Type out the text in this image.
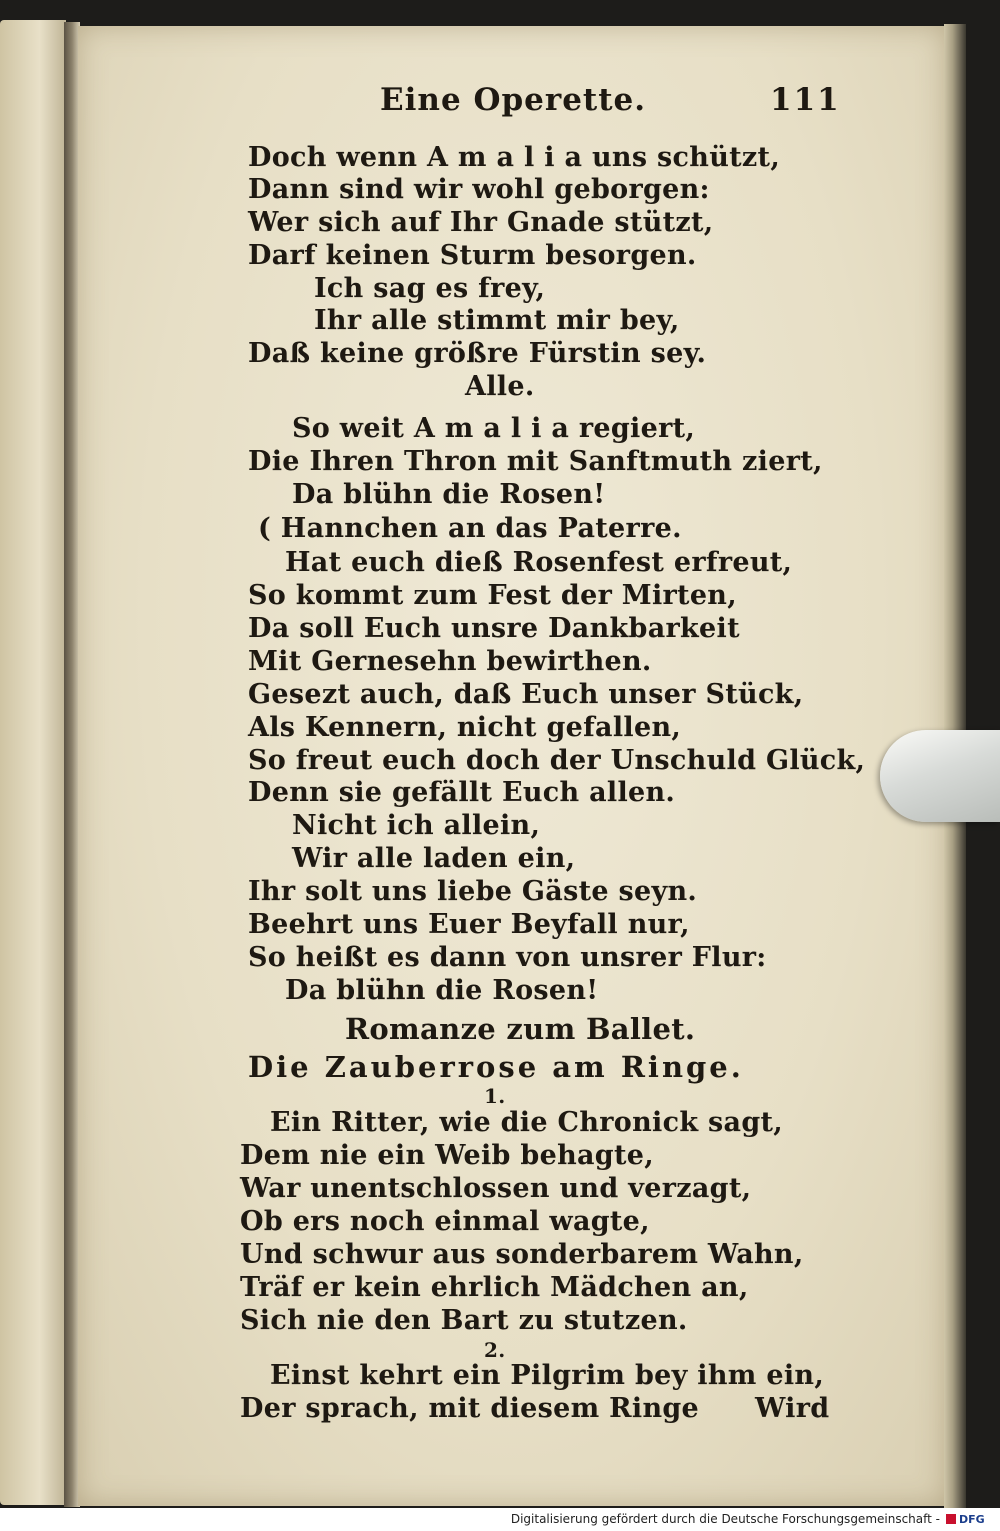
Eine Operette.	111
Doch wenn A m a l i a uns schützt,
Dann sind wir wohl geborgen:
Wer sich auf Ihr Gnade stützt,
Darf keinen Sturm besorgen.
Ich sag es frey,
Ihr alle stimmt mir bey,
Daß keine größre Fürstin sey.
Alle.
So weit A m a l i a regiert,
Die Ihren Thron mit Sanftmuth ziert,
Da blühn die Rosen!
( Hannchen an das Paterre.
Hat euch dieß Rosenfest erfreut,
So kommt zum Fest der Mirten,
Da soll Euch unsre Dankbarkeit
Mit Gernesehn bewirthen.
Gesezt auch, daß Euch unser Stück,
Als Kennern, nicht gefallen,
So freut euch doch der Unschuld Glück,
Denn sie gefällt Euch allen.
Nicht ich allein,
Wir alle laden ein,
Ihr solt uns liebe Gäste seyn.
Beehrt uns Euer Beyfall nur,
So heißt es dann von unsrer Flur:
Da blühn die Rosen!
Romanze zum Ballet.
Die Zauberrose am Ringe.
1.
Ein Ritter, wie die Chronick sagt,
Dem nie ein Weib behagte,
War unentschlossen und verzagt,
Ob ers noch einmal wagte,
Und schwur aus sonderbarem Wahn,
Träf er kein ehrlich Mädchen an,
Sich nie den Bart zu stutzen.
2.
Einst kehrt ein Pilgrim bey ihm ein,
Der sprach, mit diesem Ringe Wird
Digitalisierung gefördert durch die Deutsche Forschungsgemeinschaft - DFG
